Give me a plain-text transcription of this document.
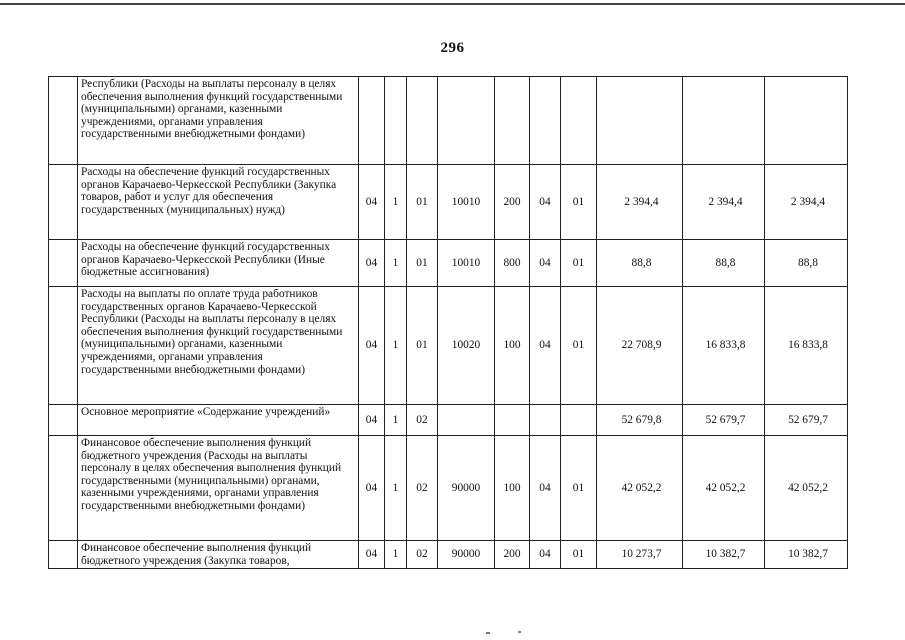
296
	Республики (Расходы на выплаты персоналу в целях обеспечения выполнения функций государственными (муниципальными) органами, казенными учреждениями, органами управления государственными внебюджетными фондами)										
	Расходы на обеспечение функций государственных органов Карачаево-Черкесской Республики (Закупка товаров, работ и услуг для обеспечения государственных (муниципальных) нужд)	04	1	01	10010	200	04	01	2 394,4	2 394,4	2 394,4
	Расходы на обеспечение функций государственных органов Карачаево-Черкесской Республики (Иные бюджетные ассигнования)	04	1	01	10010	800	04	01	88,8	88,8	88,8
	Расходы на выплаты по оплате труда работников государственных органов Карачаево-Черкесской Республики (Расходы на выплаты персоналу в целях обеспечения выполнения функций государственными (муниципальными) органами, казенными учреждениями, органами управления государственными внебюджетными фондами)	04	1	01	10020	100	04	01	22 708,9	16 833,8	16 833,8
	Основное мероприятие «Содержание учреждений»	04	1	02					52 679,8	52 679,7	52 679,7
	Финансовое обеспечение выполнения функций бюджетного учреждения (Расходы на выплаты персоналу в целях обеспечения выполнения функций государственными (муниципальными) органами, казенными учреждениями, органами управления государственными внебюджетными фондами)	04	1	02	90000	100	04	01	42 052,2	42 052,2	42 052,2
	Финансовое обеспечение выполнения функций бюджетного учреждения (Закупка товаров,	04	1	02	90000	200	04	01	10 273,7	10 382,7	10 382,7
